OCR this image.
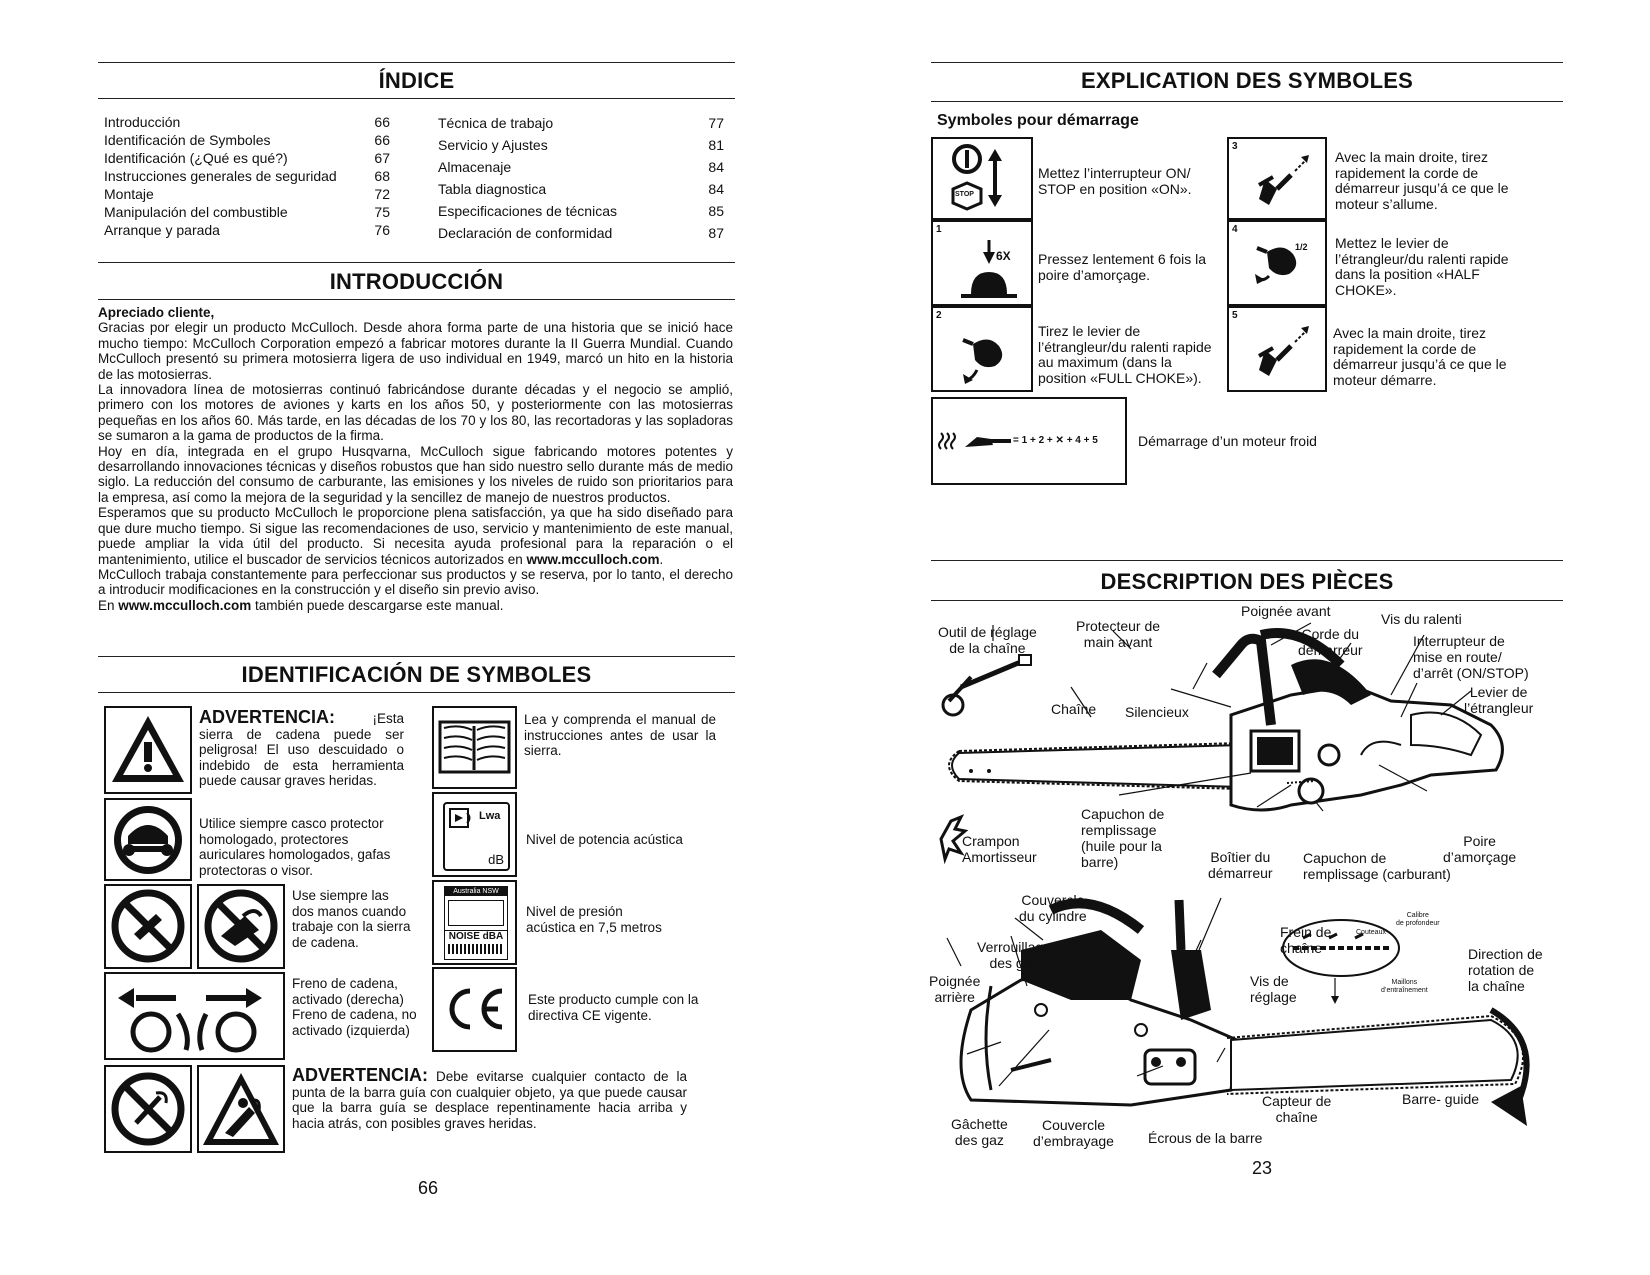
ÍNDICE
Introducción	66
Identificación de Symboles	66
Identificación (¿Qué es qué?)	67
Instrucciones generales de seguridad	68
Montaje	72
Manipulación del combustible	75
Arranque y parada	76
Técnica de trabajo	77
Servicio y Ajustes	81
Almacenaje	84
Tabla diagnostica	84
Especificaciones de técnicas	85
Declaración de conformidad	87
INTRODUCCIÓN

Apreciado cliente,

Gracias por elegir un producto McCulloch. Desde ahora forma parte de una historia que se inició hace mucho tiempo: McCulloch Corporation empezó a fabricar motores durante la II Guerra Mundial. Cuando McCulloch presentó su primera motosierra ligera de uso individual en 1949, marcó un hito en la historia de las motosierras.

La innovadora línea de motosierras continuó fabricándose durante décadas y el negocio se amplió, primero con los motores de aviones y karts en los años 50, y posteriormente con las motosierras pequeñas en los años 60. Más tarde, en las décadas de los 70 y los 80, las recortadoras y las sopladoras se sumaron a la gama de productos de la firma.

Hoy en día, integrada en el grupo Husqvarna, McCulloch sigue fabricando motores potentes y desarrollando innovaciones técnicas y diseños robustos que han sido nuestro sello durante más de medio siglo. La reducción del consumo de carburante, las emisiones y los niveles de ruido son prioritarios para la empresa, así como la mejora de la seguridad y la sencillez de manejo de nuestros productos.

Esperamos que su producto McCulloch le proporcione plena satisfacción, ya que ha sido diseñado para que dure mucho tiempo. Si sigue las recomendaciones de uso, servicio y mantenimiento de este manual, puede ampliar la vida útil del producto. Si necesita ayuda profesional para la reparación o el mantenimiento, utilice el buscador de servicios técnicos autorizados en www.mcculloch.com.

McCulloch trabaja constantemente para perfeccionar sus productos y se reserva, por lo tanto, el derecho a introducir modificaciones en la construcción y el diseño sin previo aviso.

En www.mcculloch.com también puede descargarse este manual.

IDENTIFICACIÓN DE SYMBOLES
ADVERTENCIA: ¡Esta sierra de cadena puede ser peligrosa! El uso descuidado o indebido de esta herramienta puede causar graves heridas.
Utilice siempre casco protector homologado, protectores auriculares homologados, gafas protectoras o visor.
Use siempre las dos manos cuando trabaje con la sierra de cadena.
Freno de cadena, activado (derecha) Freno de cadena, no activado (izquierda)
ADVERTENCIA: Debe evitarse cualquier contacto de la punta de la barra guía con cualquier objeto, ya que puede causar que la barra guía se desplace repentinamente hacia arriba y hacia atrás, con posibles graves heridas.
Lea y comprenda el manual de instrucciones antes de usar la sierra.
Lwa
dB
Nivel de potencia acústica
Australia NSW
NOISE dBA
Nivel de presión acústica en 7,5 metros
Este producto cumple con la directiva CE vigente.
66
EXPLICATION DES SYMBOLES
Symboles pour démarrage
STOP
Mettez l’interrupteur ON/ STOP en position «ON».
1
6X Pressez lentement 6 fois la poire d’amorçage.
2
Tirez le levier de l’étrangleur/du ralenti rapide au maximum (dans la position «FULL CHOKE»).
3
Avec la main droite, tirez rapidement la corde de démarreur jusqu’á ce que le moteur s’allume.
4
1/2 Mettez le levier de l’étrangleur/du ralenti rapide dans la position «HALF CHOKE».
5
Avec la main droite, tirez rapidement la corde de démarreur jusqu’á ce que le moteur démarre.
= 1 + 2 + ✕ + 4 + 5	Démarrage d’un moteur froid
DESCRIPTION DES PIÈCES
Outil de réglage
de la chaîne
Protecteur de
main avant
Poignée avant
Corde du
démarreur
Vis du ralenti
Interrupteur de
mise en route/
d’arrêt (ON/STOP)
Levier de
l’étrangleur
Chaîne Silencieux
Crampon
Amortisseur
Capuchon de
remplissage
(huile pour la
barre)	Boîtier du
démarreur
Capuchon de
remplissage (carburant)
Poire
d’amorçage
Couvercle
du cylindre
Verrouillage
des gaz
Poignée
arrière
Frein de
chaîne
Vis de
réglage
Calibre
de profondeur
Couteaux
Maillons
d’entraînement
Direction de
rotation de
la chaîne
Gâchette
des gaz
Couvercle
d’embrayage Écrous de la barre
Capteur de
chaîne
Barre- guide
23
